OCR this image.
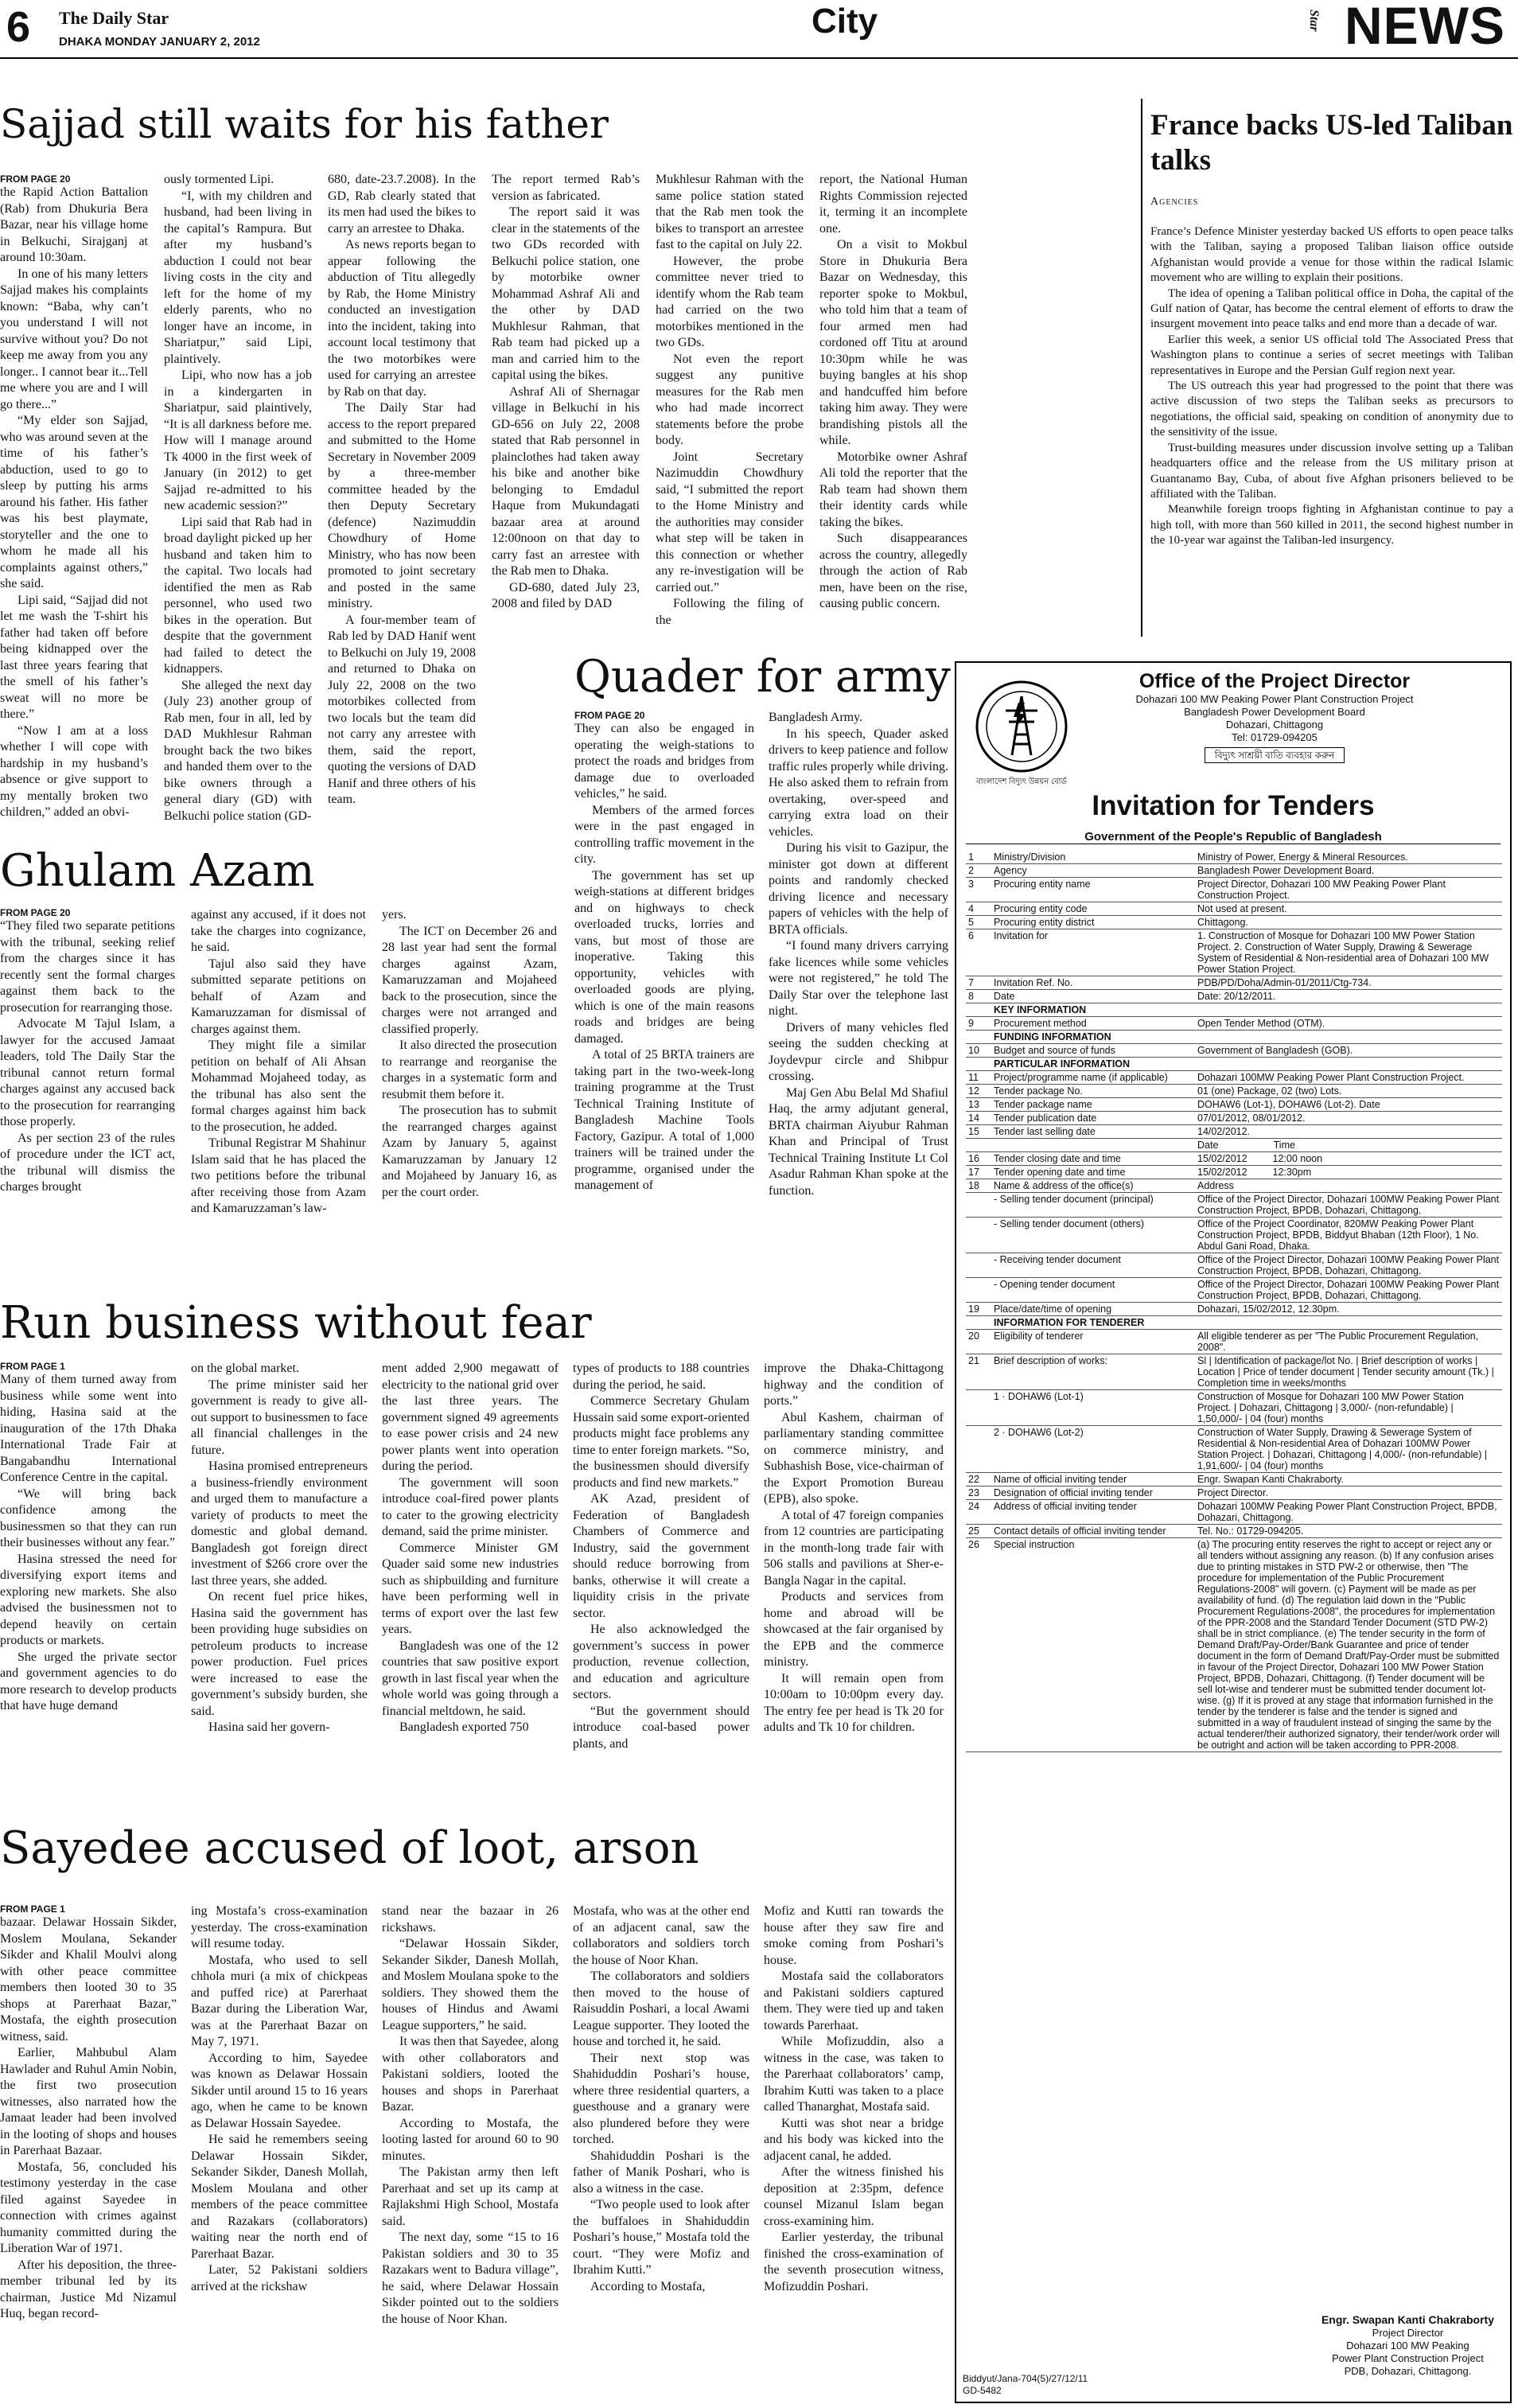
6 The Daily Star
DHAKA MONDAY JANUARY 2, 2012
City	Star NEWS
Sajjad still waits for his father
FROM PAGE 20

the Rapid Action Battalion (Rab) from Dhukuria Bera Bazar, near his village home in Belkuchi, Sirajganj at around 10:30am.

In one of his many letters Sajjad makes his complaints known: “Baba, why can’t you understand I will not survive without you? Do not keep me away from you any longer.. I cannot bear it...Tell me where you are and I will go there...”

“My elder son Sajjad, who was around seven at the time of his father’s abduction, used to go to sleep by putting his arms around his father. His father was his best playmate, storyteller and the one to whom he made all his complaints against others,” she said.

Lipi said, “Sajjad did not let me wash the T-shirt his father had taken off before being kidnapped over the last three years fearing that the smell of his father’s sweat will no more be there.”

“Now I am at a loss whether I will cope with hardship in my husband’s absence or give support to my mentally broken two children,” added an obvi-

ously tormented Lipi.

“I, with my children and husband, had been living in the capital’s Rampura. But after my husband’s abduction I could not bear living costs in the city and left for the home of my elderly parents, who no longer have an income, in Shariatpur,” said Lipi, plaintively.

Lipi, who now has a job in a kindergarten in Shariatpur, said plaintively, “It is all darkness before me. How will I manage around Tk 4000 in the first week of January (in 2012) to get Sajjad re-admitted to his new academic session?”

Lipi said that Rab had in broad daylight picked up her husband and taken him to the capital. Two locals had identified the men as Rab personnel, who used two bikes in the operation. But despite that the government had failed to detect the kidnappers.

She alleged the next day (July 23) another group of Rab men, four in all, led by DAD Mukhlesur Rahman brought back the two bikes and handed them over to the bike owners through a general diary (GD) with Belkuchi police station (GD-

680, date-23.7.2008). In the GD, Rab clearly stated that its men had used the bikes to carry an arrestee to Dhaka.

As news reports began to appear following the abduction of Titu allegedly by Rab, the Home Ministry conducted an investigation into the incident, taking into account local testimony that the two motorbikes were used for carrying an arrestee by Rab on that day.

The Daily Star had access to the report prepared and submitted to the Home Secretary in November 2009 by a three-member committee headed by the then Deputy Secretary (defence) Nazimuddin Chowdhury of Home Ministry, who has now been promoted to joint secretary and posted in the same ministry.

A four-member team of Rab led by DAD Hanif went to Belkuchi on July 19, 2008 and returned to Dhaka on July 22, 2008 on the two motorbikes collected from two locals but the team did not carry any arrestee with them, said the report, quoting the versions of DAD Hanif and three others of his team.

The report termed Rab’s version as fabricated.

The report said it was clear in the statements of the two GDs recorded with Belkuchi police station, one by motorbike owner Mohammad Ashraf Ali and the other by DAD Mukhlesur Rahman, that Rab team had picked up a man and carried him to the capital using the bikes.

Ashraf Ali of Shernagar village in Belkuchi in his GD-656 on July 22, 2008 stated that Rab personnel in plainclothes had taken away his bike and another bike belonging to Emdadul Haque from Mukundagati bazaar area at around 12:00noon on that day to carry fast an arrestee with the Rab men to Dhaka.

GD-680, dated July 23, 2008 and filed by DAD

Mukhlesur Rahman with the same police station stated that the Rab men took the bikes to transport an arrestee fast to the capital on July 22.

However, the probe committee never tried to identify whom the Rab team had carried on the two motorbikes mentioned in the two GDs.

Not even the report suggest any punitive measures for the Rab men who had made incorrect statements before the probe body.

Joint Secretary Nazimuddin Chowdhury said, “I submitted the report to the Home Ministry and the authorities may consider what step will be taken in this connection or whether any re-investigation will be carried out.”

Following the filing of the

report, the National Human Rights Commission rejected it, terming it an incomplete one.

On a visit to Mokbul Store in Dhukuria Bera Bazar on Wednesday, this reporter spoke to Mokbul, who told him that a team of four armed men had cordoned off Titu at around 10:30pm while he was buying bangles at his shop and handcuffed him before taking him away. They were brandishing pistols all the while.

Motorbike owner Ashraf Ali told the reporter that the Rab team had shown them their identity cards while taking the bikes.

Such disappearances across the country, allegedly through the action of Rab men, have been on the rise, causing public concern.

France backs US-led Taliban talks
Agencies

France’s Defence Minister yesterday backed US efforts to open peace talks with the Taliban, saying a proposed Taliban liaison office outside Afghanistan would provide a venue for those within the radical Islamic movement who are willing to explain their positions.

The idea of opening a Taliban political office in Doha, the capital of the Gulf nation of Qatar, has become the central element of efforts to draw the insurgent movement into peace talks and end more than a decade of war.

Earlier this week, a senior US official told The Associated Press that Washington plans to continue a series of secret meetings with Taliban representatives in Europe and the Persian Gulf region next year.

The US outreach this year had progressed to the point that there was active discussion of two steps the Taliban seeks as precursors to negotiations, the official said, speaking on condition of anonymity due to the sensitivity of the issue.

Trust-building measures under discussion involve setting up a Taliban headquarters office and the release from the US military prison at Guantanamo Bay, Cuba, of about five Afghan prisoners believed to be affiliated with the Taliban.

Meanwhile foreign troops fighting in Afghanistan continue to pay a high toll, with more than 560 killed in 2011, the second highest number in the 10-year war against the Taliban-led insurgency.

Quader for army
FROM PAGE 20

They can also be engaged in operating the weigh-stations to protect the roads and bridges from damage due to overloaded vehicles,” he said.

Members of the armed forces were in the past engaged in controlling traffic movement in the city.

The government has set up weigh-stations at different bridges and on highways to check overloaded trucks, lorries and vans, but most of those are inoperative. Taking this opportunity, vehicles with overloaded goods are plying, which is one of the main reasons roads and bridges are being damaged.

A total of 25 BRTA trainers are taking part in the two-week-long training programme at the Trust Technical Training Institute of Bangladesh Machine Tools Factory, Gazipur. A total of 1,000 trainers will be trained under the programme, organised under the management of

Bangladesh Army.

In his speech, Quader asked drivers to keep patience and follow traffic rules properly while driving. He also asked them to refrain from overtaking, over-speed and carrying extra load on their vehicles.

During his visit to Gazipur, the minister got down at different points and randomly checked driving licence and necessary papers of vehicles with the help of BRTA officials.

“I found many drivers carrying fake licences while some vehicles were not registered,” he told The Daily Star over the telephone last night.

Drivers of many vehicles fled seeing the sudden checking at Joydevpur circle and Shibpur crossing.

Maj Gen Abu Belal Md Shafiul Haq, the army adjutant general, BRTA chairman Aiyubur Rahman Khan and Principal of Trust Technical Training Institute Lt Col Asadur Rahman Khan spoke at the function.

Ghulam Azam
FROM PAGE 20

“They filed two separate petitions with the tribunal, seeking relief from the charges since it has recently sent the formal charges against them back to the prosecution for rearranging those.

Advocate M Tajul Islam, a lawyer for the accused Jamaat leaders, told The Daily Star the tribunal cannot return formal charges against any accused back to the prosecution for rearranging those properly.

As per section 23 of the rules of procedure under the ICT act, the tribunal will dismiss the charges brought

against any accused, if it does not take the charges into cognizance, he said.

Tajul also said they have submitted separate petitions on behalf of Azam and Kamaruzzaman for dismissal of charges against them.

They might file a similar petition on behalf of Ali Ahsan Mohammad Mojaheed today, as the tribunal has also sent the formal charges against him back to the prosecution, he added.

Tribunal Registrar M Shahinur Islam said that he has placed the two petitions before the tribunal after receiving those from Azam and Kamaruzzaman’s law-

yers.

The ICT on December 26 and 28 last year had sent the formal charges against Azam, Kamaruzzaman and Mojaheed back to the prosecution, since the charges were not arranged and classified properly.

It also directed the prosecution to rearrange and reorganise the charges in a systematic form and resubmit them before it.

The prosecution has to submit the rearranged charges against Azam by January 5, against Kamaruzzaman by January 12 and Mojaheed by January 16, as per the court order.

Run business without fear
FROM PAGE 1

Many of them turned away from business while some went into hiding, Hasina said at the inauguration of the 17th Dhaka International Trade Fair at Bangabandhu International Conference Centre in the capital.

“We will bring back confidence among the businessmen so that they can run their businesses without any fear.”

Hasina stressed the need for diversifying export items and exploring new markets. She also advised the businessmen not to depend heavily on certain products or markets.

She urged the private sector and government agencies to do more research to develop products that have huge demand

on the global market.

The prime minister said her government is ready to give all-out support to businessmen to face all financial challenges in the future.

Hasina promised entrepreneurs a business-friendly environment and urged them to manufacture a variety of products to meet the domestic and global demand. Bangladesh got foreign direct investment of $266 crore over the last three years, she added.

On recent fuel price hikes, Hasina said the government has been providing huge subsidies on petroleum products to increase power production. Fuel prices were increased to ease the government’s subsidy burden, she said.

Hasina said her govern-

ment added 2,900 megawatt of electricity to the national grid over the last three years. The government signed 49 agreements to ease power crisis and 24 new power plants went into operation during the period.

The government will soon introduce coal-fired power plants to cater to the growing electricity demand, said the prime minister.

Commerce Minister GM Quader said some new industries such as shipbuilding and furniture have been performing well in terms of export over the last few years.

Bangladesh was one of the 12 countries that saw positive export growth in last fiscal year when the whole world was going through a financial meltdown, he said.

Bangladesh exported 750

types of products to 188 countries during the period, he said.

Commerce Secretary Ghulam Hussain said some export-oriented products might face problems any time to enter foreign markets. “So, the businessmen should diversify products and find new markets.”

AK Azad, president of Federation of Bangladesh Chambers of Commerce and Industry, said the government should reduce borrowing from banks, otherwise it will create a liquidity crisis in the private sector.

He also acknowledged the government’s success in power production, revenue collection, and education and agriculture sectors.

“But the government should introduce coal-based power plants, and

improve the Dhaka-Chittagong highway and the condition of ports.”

Abul Kashem, chairman of parliamentary standing committee on commerce ministry, and Subhashish Bose, vice-chairman of the Export Promotion Bureau (EPB), also spoke.

A total of 47 foreign companies from 12 countries are participating in the month-long trade fair with 506 stalls and pavilions at Sher-e-Bangla Nagar in the capital.

Products and services from home and abroad will be showcased at the fair organised by the EPB and the commerce ministry.

It will remain open from 10:00am to 10:00pm every day. The entry fee per head is Tk 20 for adults and Tk 10 for children.

Sayedee accused of loot, arson
FROM PAGE 1

bazaar. Delawar Hossain Sikder, Moslem Moulana, Sekander Sikder and Khalil Moulvi along with other peace committee members then looted 30 to 35 shops at Parerhaat Bazar,” Mostafa, the eighth prosecution witness, said.

Earlier, Mahbubul Alam Hawlader and Ruhul Amin Nobin, the first two prosecution witnesses, also narrated how the Jamaat leader had been involved in the looting of shops and houses in Parerhaat Bazaar.

Mostafa, 56, concluded his testimony yesterday in the case filed against Sayedee in connection with crimes against humanity committed during the Liberation War of 1971.

After his deposition, the three-member tribunal led by its chairman, Justice Md Nizamul Huq, began record-

ing Mostafa’s cross-examination yesterday. The cross-examination will resume today.

Mostafa, who used to sell chhola muri (a mix of chickpeas and puffed rice) at Parerhaat Bazar during the Liberation War, was at the Parerhaat Bazar on May 7, 1971.

According to him, Sayedee was known as Delawar Hossain Sikder until around 15 to 16 years ago, when he came to be known as Delawar Hossain Sayedee.

He said he remembers seeing Delawar Hossain Sikder, Sekander Sikder, Danesh Mollah, Moslem Moulana and other members of the peace committee and Razakars (collaborators) waiting near the north end of Parerhaat Bazar.

Later, 52 Pakistani soldiers arrived at the rickshaw

stand near the bazaar in 26 rickshaws.

“Delawar Hossain Sikder, Sekander Sikder, Danesh Mollah, and Moslem Moulana spoke to the soldiers. They showed them the houses of Hindus and Awami League supporters,” he said.

It was then that Sayedee, along with other collaborators and Pakistani soldiers, looted the houses and shops in Parerhaat Bazar.

According to Mostafa, the looting lasted for around 60 to 90 minutes.

The Pakistan army then left Parerhaat and set up its camp at Rajlakshmi High School, Mostafa said.

The next day, some “15 to 16 Pakistan soldiers and 30 to 35 Razakars went to Badura village”, he said, where Delawar Hossain Sikder pointed out to the soldiers the house of Noor Khan.

Mostafa, who was at the other end of an adjacent canal, saw the collaborators and soldiers torch the house of Noor Khan.

The collaborators and soldiers then moved to the house of Raisuddin Poshari, a local Awami League supporter. They looted the house and torched it, he said.

Their next stop was Shahiduddin Poshari’s house, where three residential quarters, a guesthouse and a granary were also plundered before they were torched.

Shahiduddin Poshari is the father of Manik Poshari, who is also a witness in the case.

“Two people used to look after the buffaloes in Shahiduddin Poshari’s house,” Mostafa told the court. “They were Mofiz and Ibrahim Kutti.”

According to Mostafa,

Mofiz and Kutti ran towards the house after they saw fire and smoke coming from Poshari’s house.

Mostafa said the collaborators and Pakistani soldiers captured them. They were tied up and taken towards Parerhaat.

While Mofizuddin, also a witness in the case, was taken to the Parerhaat collaborators’ camp, Ibrahim Kutti was taken to a place called Thanarghat, Mostafa said.

Kutti was shot near a bridge and his body was kicked into the adjacent canal, he added.

After the witness finished his deposition at 2:35pm, defence counsel Mizanul Islam began cross-examining him.

Earlier yesterday, the tribunal finished the cross-examination of the seventh prosecution witness, Mofizuddin Poshari.

বাংলাদেশ বিদ্যুৎ উন্নয়ন বোর্ড
Office of the Project Director
Dohazari 100 MW Peaking Power Plant Construction Project
Bangladesh Power Development Board
Dohazari, Chittagong
Tel: 01729-094205
বিদ্যুৎ সাশ্রয়ী বাতি ব্যবহার করুন
Invitation for Tenders
Government of the People's Republic of Bangladesh
1	Ministry/Division	Ministry of Power, Energy & Mineral Resources.
2	Agency	Bangladesh Power Development Board.
3	Procuring entity name	Project Director, Dohazari 100 MW Peaking Power Plant Construction Project.
4	Procuring entity code	Not used at present.
5	Procuring entity district	Chittagong.
6	Invitation for	1. Construction of Mosque for Dohazari 100 MW Power Station Project. 2. Construction of Water Supply, Drawing & Sewerage System of Residential & Non-residential area of Dohazari 100 MW Power Station Project.
7	Invitation Ref. No.	PDB/PD/Doha/Admin-01/2011/Ctg-734.
8	Date	Date: 20/12/2011.
	KEY INFORMATION	
9	Procurement method	Open Tender Method (OTM).
	FUNDING INFORMATION	
10	Budget and source of funds	Government of Bangladesh (GOB).
	PARTICULAR INFORMATION	
11	Project/programme name (if applicable)	Dohazari 100MW Peaking Power Plant Construction Project.
12	Tender package No.	01 (one) Package, 02 (two) Lots.
13	Tender package name	DOHAW6 (Lot-1), DOHAW6 (Lot-2). Date
14	Tender publication date	07/01/2012, 08/01/2012.
15	Tender last selling date	14/02/2012.
		Date       Time
16	Tender closing date and time	15/02/2012    12:00 noon
17	Tender opening date and time	15/02/2012    12:30pm
18	Name & address of the office(s)	Address
	- Selling tender document (principal)	Office of the Project Director, Dohazari 100MW Peaking Power Plant Construction Project, BPDB, Dohazari, Chittagong.
	- Selling tender document (others)	Office of the Project Coordinator, 820MW Peaking Power Plant Construction Project, BPDB, Biddyut Bhaban (12th Floor), 1 No. Abdul Gani Road, Dhaka.
	- Receiving tender document	Office of the Project Director, Dohazari 100MW Peaking Power Plant Construction Project, BPDB, Dohazari, Chittagong.
	- Opening tender document	Office of the Project Director, Dohazari 100MW Peaking Power Plant Construction Project, BPDB, Dohazari, Chittagong.
19	Place/date/time of opening	Dohazari, 15/02/2012, 12.30pm.
	INFORMATION FOR TENDERER	
20	Eligibility of tenderer	All eligible tenderer as per "The Public Procurement Regulation, 2008".
21	Brief description of works:	Sl | Identification of package/lot No. | Brief description of works | Location | Price of tender document | Tender security amount (Tk.) | Completion time in weeks/months
	1 · DOHAW6 (Lot-1)	Construction of Mosque for Dohazari 100 MW Power Station Project. | Dohazari, Chittagong | 3,000/- (non-refundable) | 1,50,000/- | 04 (four) months
	2 · DOHAW6 (Lot-2)	Construction of Water Supply, Drawing & Sewerage System of Residential & Non-residential Area of Dohazari 100MW Power Station Project. | Dohazari, Chittagong | 4,000/- (non-refundable) | 1,91,600/- | 04 (four) months
22	Name of official inviting tender	Engr. Swapan Kanti Chakraborty.
23	Designation of official inviting tender	Project Director.
24	Address of official inviting tender	Dohazari 100MW Peaking Power Plant Construction Project, BPDB, Dohazari, Chittagong.
25	Contact details of official inviting tender	Tel. No.: 01729-094205.
26	Special instruction	(a) The procuring entity reserves the right to accept or reject any or all tenders without assigning any reason. (b) If any confusion arises due to printing mistakes in STD PW-2 or otherwise, then "The procedure for implementation of the Public Procurement Regulations-2008" will govern. (c) Payment will be made as per availability of fund. (d) The regulation laid down in the "Public Procurement Regulations-2008", the procedures for implementation of the PPR-2008 and the Standard Tender Document (STD PW-2) shall be in strict compliance. (e) The tender security in the form of Demand Draft/Pay-Order/Bank Guarantee and price of tender document in the form of Demand Draft/Pay-Order must be submitted in favour of the Project Director, Dohazari 100 MW Power Station Project, BPDB, Dohazari, Chittagong. (f) Tender document will be sell lot-wise and tenderer must be submitted tender document lot-wise. (g) If it is proved at any stage that information furnished in the tender by the tenderer is false and the tender is signed and submitted in a way of fraudulent instead of singing the same by the actual tenderer/their authorized signatory, their tender/work order will be outright and action will be taken according to PPR-2008.
Engr. Swapan Kanti Chakraborty
Project Director
Dohazari 100 MW Peaking
Power Plant Construction Project
PDB, Dohazari, Chittagong.
Biddyut/Jana-704(5)/27/12/11
GD-5482
